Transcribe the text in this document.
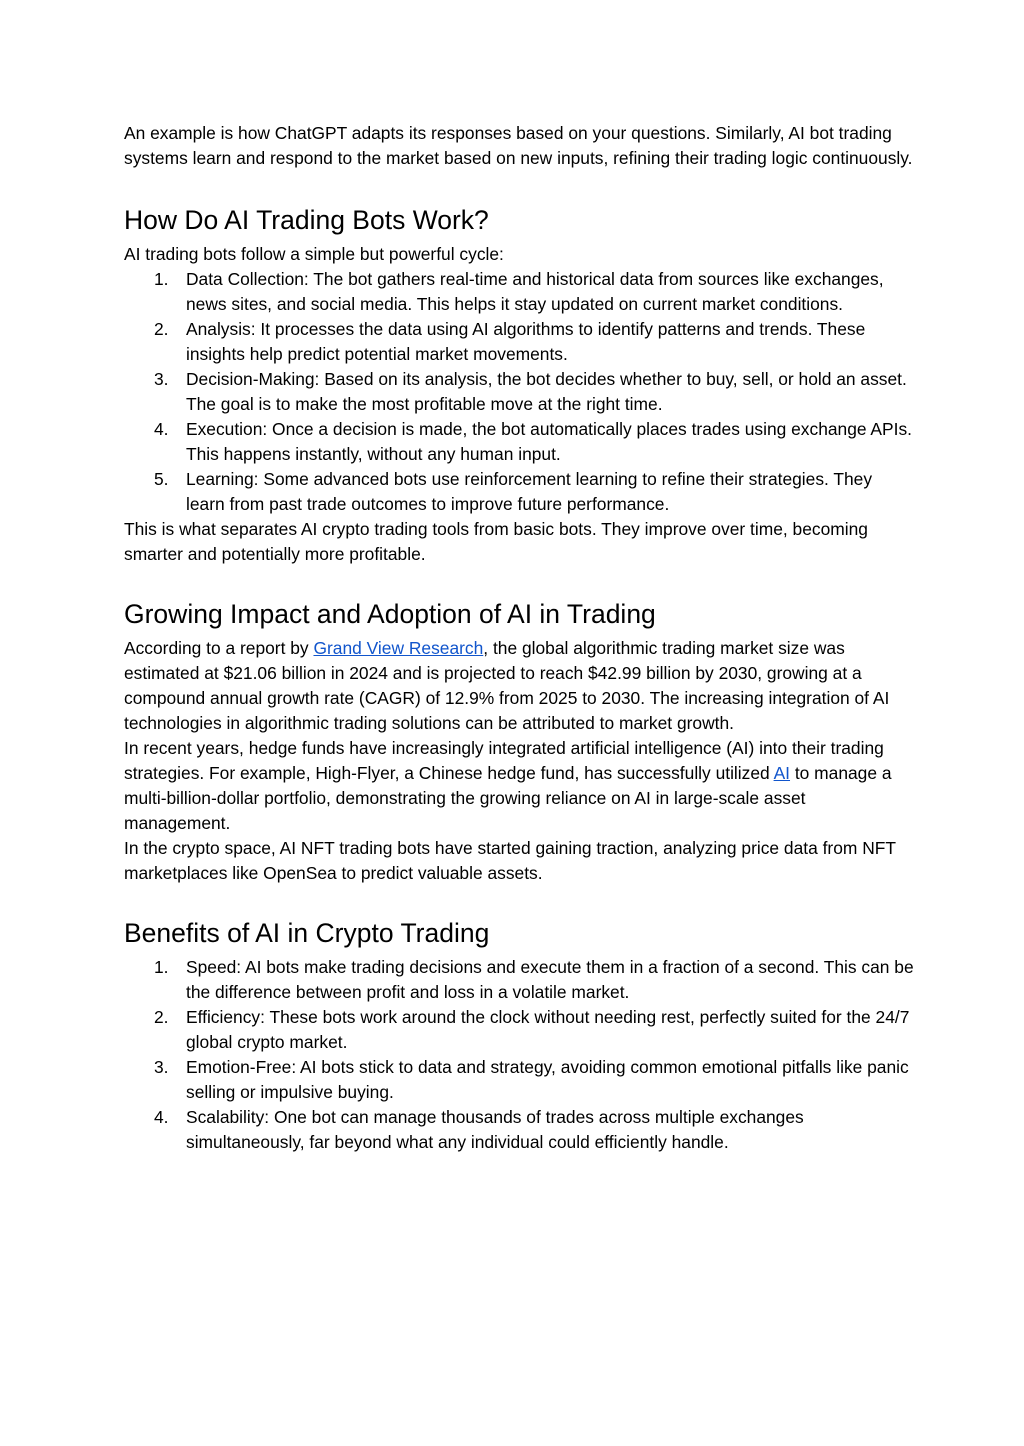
An example is how ChatGPT adapts its responses based on your questions. Similarly, AI bot trading systems learn and respond to the market based on new inputs, refining their trading logic continuously.

How Do AI Trading Bots Work?

AI trading bots follow a simple but powerful cycle:

1.	Data Collection: The bot gathers real-time and historical data from sources like exchanges, news sites, and social media. This helps it stay updated on current market conditions.
2.	Analysis: It processes the data using AI algorithms to identify patterns and trends. These insights help predict potential market movements.
3.	Decision-Making: Based on its analysis, the bot decides whether to buy, sell, or hold an asset. The goal is to make the most profitable move at the right time.
4.	Execution: Once a decision is made, the bot automatically places trades using exchange APIs. This happens instantly, without any human input.
5.	Learning: Some advanced bots use reinforcement learning to refine their strategies. They learn from past trade outcomes to improve future performance.

This is what separates AI crypto trading tools from basic bots. They improve over time, becoming smarter and potentially more profitable.

Growing Impact and Adoption of AI in Trading

According to a report by Grand View Research, the global algorithmic trading market size was estimated at $21.06 billion in 2024 and is projected to reach $42.99 billion by 2030, growing at a compound annual growth rate (CAGR) of 12.9% from 2025 to 2030. The increasing integration of AI technologies in algorithmic trading solutions can be attributed to market growth.

In recent years, hedge funds have increasingly integrated artificial intelligence (AI) into their trading strategies. For example, High-Flyer, a Chinese hedge fund, has successfully utilized AI to manage a multi-billion-dollar portfolio, demonstrating the growing reliance on AI in large-scale asset management.

In the crypto space, AI NFT trading bots have started gaining traction, analyzing price data from NFT marketplaces like OpenSea to predict valuable assets.

Benefits of AI in Crypto Trading
1.	Speed: AI bots make trading decisions and execute them in a fraction of a second. This can be the difference between profit and loss in a volatile market.
2.	Efficiency: These bots work around the clock without needing rest, perfectly suited for the 24/7 global crypto market.
3.	Emotion-Free: AI bots stick to data and strategy, avoiding common emotional pitfalls like panic selling or impulsive buying.
4.	Scalability: One bot can manage thousands of trades across multiple exchanges simultaneously, far beyond what any individual could efficiently handle.
